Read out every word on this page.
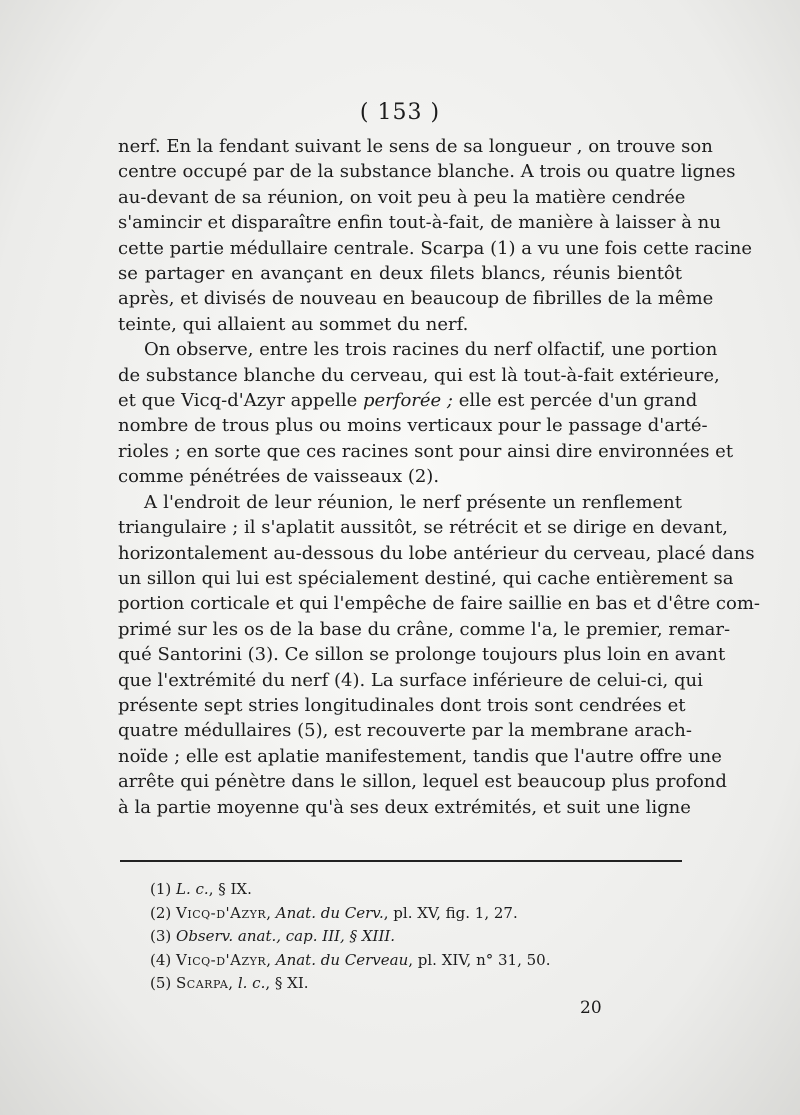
( 153 )
nerf. En la fendant suivant le sens de sa longueur , on trouve son
centre occupé par de la substance blanche. A trois ou quatre lignes
au-devant de sa réunion, on voit peu à peu la matière cendrée
s'amincir et disparaître enfin tout-à-fait, de manière à laisser à nu
cette partie médullaire centrale. Scarpa (1) a vu une fois cette racine
se partager en avançant en deux filets blancs, réunis bientôt
après, et divisés de nouveau en beaucoup de fibrilles de la même
teinte, qui allaient au sommet du nerf.
On observe, entre les trois racines du nerf olfactif, une portion
de substance blanche du cerveau, qui est là tout-à-fait extérieure,
et que Vicq-d'Azyr appelle perforée ; elle est percée d'un grand
nombre de trous plus ou moins verticaux pour le passage d'arté-
rioles ; en sorte que ces racines sont pour ainsi dire environnées et
comme pénétrées de vaisseaux (2).
A l'endroit de leur réunion, le nerf présente un renflement
triangulaire ; il s'aplatit aussitôt, se rétrécit et se dirige en devant,
horizontalement au-dessous du lobe antérieur du cerveau, placé dans
un sillon qui lui est spécialement destiné, qui cache entièrement sa
portion corticale et qui l'empêche de faire saillie en bas et d'être com-
primé sur les os de la base du crâne, comme l'a, le premier, remar-
qué Santorini (3). Ce sillon se prolonge toujours plus loin en avant
que l'extrémité du nerf (4). La surface inférieure de celui-ci, qui
présente sept stries longitudinales dont trois sont cendrées et
quatre médullaires (5), est recouverte par la membrane arach-
noïde ; elle est aplatie manifestement, tandis que l'autre offre une
arrête qui pénètre dans le sillon, lequel est beaucoup plus profond
à la partie moyenne qu'à ses deux extrémités, et suit une ligne
(1) L. c., § IX.
(2) Vicq-d'Azyr, Anat. du Cerv., pl. XV, fig. 1, 27.
(3) Observ. anat., cap. III, § XIII.
(4) Vicq-d'Azyr, Anat. du Cerveau, pl. XIV, n° 31, 50.
(5) Scarpa, l. c., § XI.
20
